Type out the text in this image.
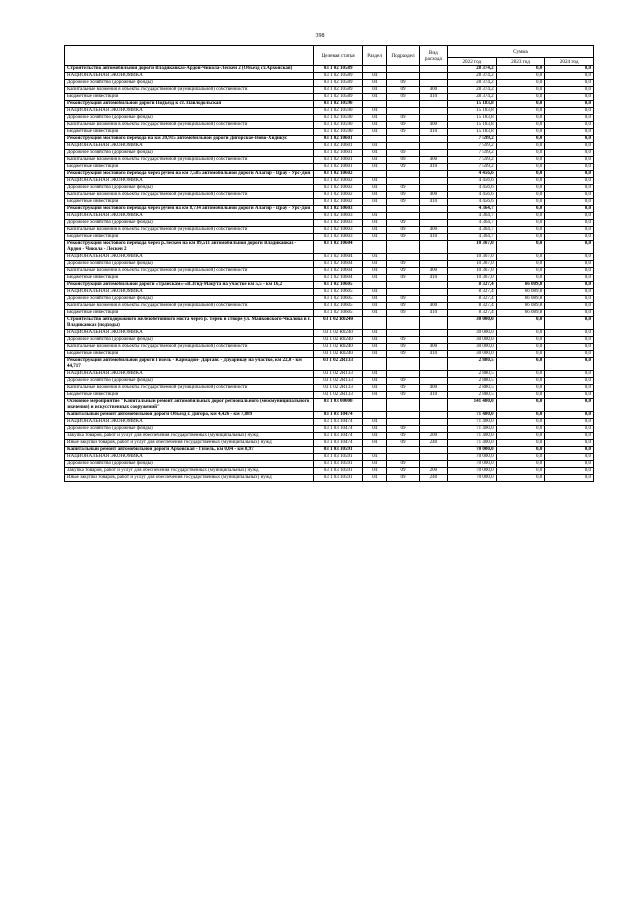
398
	Целевая статья	Раздел	Подраздел	Вид расхода	Сумма		
					2022 год	2023 год	2024 год
Строительство автомобильной дороги Владикавказ-Ардон-Чикола-Лескен 2 (Объезд ст.Архонская)	03 1 02 10589				28 374,2	0,0	0,0
НАЦИОНАЛЬНАЯ ЭКОНОМИКА	03 1 02 10589	04			28 374,2	0,0	0,0
Дорожное хозяйство (дорожные фонды)	03 1 02 10589	04	09		28 374,2	0,0	0,0
Капитальные вложения в объекты государственной (муниципальной) собственности	03 1 02 10589	04	09	400	28 374,2	0,0	0,0
Бюджетные инвестиции	03 1 02 10589	04	09	410	28 374,2	0,0	0,0
Реконструкция автомобильной дороги Подъезд к ст. Павлодольская	03 1 02 10590				15 183,8	0,0	0,0
НАЦИОНАЛЬНАЯ ЭКОНОМИКА	03 1 02 10590	04			15 183,8	0,0	0,0
Дорожное хозяйство (дорожные фонды)	03 1 02 10590	04	09		15 183,8	0,0	0,0
Капитальные вложения в объекты государственной (муниципальной) собственности	03 1 02 10590	04	09	400	15 183,8	0,0	0,0
Бюджетные инвестиции	03 1 02 10590	04	09	410	15 183,8	0,0	0,0
Реконструкция мостового перехода на км 20,915 автомобильной дороги Дигорское-Ново-Хидикус	03 1 02 10601				7 599,2	0,0	0,0
НАЦИОНАЛЬНАЯ ЭКОНОМИКА	03 1 02 10601	04			7 599,2	0,0	0,0
Дорожное хозяйство (дорожные фонды)	03 1 02 10601	04	09		7 599,2	0,0	0,0
Капитальные вложения в объекты государственной (муниципальной) собственности	03 1 02 10601	04	09	400	7 599,2	0,0	0,0
Бюджетные инвестиции	03 1 02 10601	04	09	410	7 599,2	0,0	0,0
Реконструкция мостового перехода через ручей на км 7,585 автомобильной дороги Алагир - Црау - Урс-Дон	03 1 02 10602				4 456,6	0,0	0,0
НАЦИОНАЛЬНАЯ ЭКОНОМИКА	03 1 02 10602	04			4 456,6	0,0	0,0
Дорожное хозяйство (дорожные фонды)	03 1 02 10602	04	09		4 456,6	0,0	0,0
Капитальные вложения в объекты государственной (муниципальной) собственности	03 1 02 10602	04	09	400	4 456,6	0,0	0,0
Бюджетные инвестиции	03 1 02 10602	04	09	410	4 456,6	0,0	0,0
Реконструкция мостового перехода через ручей на км 8,734 автомобильной дороги Алагир - Црау - Урс-Дон	03 1 02 10603				4 364,7	0,0	0,0
НАЦИОНАЛЬНАЯ ЭКОНОМИКА	03 1 02 10603	04			4 364,7	0,0	0,0
Дорожное хозяйство (дорожные фонды)	03 1 02 10603	04	09		4 364,7	0,0	0,0
Капитальные вложения в объекты государственной (муниципальной) собственности	03 1 02 10603	04	09	400	4 364,7	0,0	0,0
Бюджетные инвестиции	03 1 02 10603	04	09	410	4 364,7	0,0	0,0
Реконструкция мостового перехода через р.Лескен на км 89,511 автомобильной дороги Владикавказ - Ардон - Чикола - Лескен 2	03 1 02 10604				10 367,0	0,0	0,0
НАЦИОНАЛЬНАЯ ЭКОНОМИКА	03 1 02 10604	04			10 367,0	0,0	0,0
Дорожное хозяйство (дорожные фонды)	03 1 02 10604	04	09		10 367,0	0,0	0,0
Капитальные вложения в объекты государственной (муниципальной) собственности	03 1 02 10604	04	09	400	10 367,0	0,0	0,0
Бюджетные инвестиции	03 1 02 10604	04	09	410	10 367,0	0,0	0,0
Реконструкция автомобильной дороги «Транскам»-«В.Згид-Мацута на участке км 5,5 - км 16,2	03 1 02 10605				8 327,4	66 089,8	0,0
НАЦИОНАЛЬНАЯ ЭКОНОМИКА	03 1 02 10605	04			8 327,4	66 089,8	0,0
Дорожное хозяйство (дорожные фонды)	03 1 02 10605	04	09		8 327,4	66 089,8	0,0
Капитальные вложения в объекты государственной (муниципальной) собственности	03 1 02 10605	04	09	400	8 327,4	66 089,8	0,0
Бюджетные инвестиции	03 1 02 10605	04	09	410	8 327,4	66 089,8	0,0
Строительство автодорожного железобетонного моста через р. Терек в створе ул. Маяковского-Чкалова в г. Владикавказ (подходы)	03 1 02 R0240				30 000,0	0,0	0,0
НАЦИОНАЛЬНАЯ ЭКОНОМИКА	03 1 02 R0240	04			30 000,0	0,0	0,0
Дорожное хозяйство (дорожные фонды)	03 1 02 R0240	04	09		30 000,0	0,0	0,0
Капитальные вложения в объекты государственной (муниципальной) собственности	03 1 02 R0240	04	09	400	30 000,0	0,0	0,0
Бюджетные инвестиции	03 1 02 R0240	04	09	410	30 000,0	0,0	0,0
Реконструкция автомобильной дороги Гизель - Кармадон- Даргавс - Дзуарикау на участке, км 22,0 - км 44,717	03 1 02 2R133				2 880,5	0,0	0,0
НАЦИОНАЛЬНАЯ ЭКОНОМИКА	03 1 02 2R133	04			2 880,5	0,0	0,0
Дорожное хозяйство (дорожные фонды)	03 1 02 2R133	04	09		2 880,5	0,0	0,0
Капитальные вложения в объекты государственной (муниципальной) собственности	03 1 02 2R133	04	09	400	2 880,5	0,0	0,0
Бюджетные инвестиции	03 1 02 2R133	04	09	410	2 880,5	0,0	0,0
Основное мероприятие "Капитальный ремонт автомобильных дорог регионального (межмуниципального значения) и искусственных сооружений"	03 1 03 00000				141 400,0	0,0	0,0
Капитальный ремонт автомобильной дороги Объезд г. Дигора, км 4,426 - км 7,889	03 1 03 10474				71 400,0	0,0	0,0
НАЦИОНАЛЬНАЯ ЭКОНОМИКА	03 1 03 10474	04			71 400,0	0,0	0,0
Дорожное хозяйство (дорожные фонды)	03 1 03 10474	04	09		71 400,0	0,0	0,0
Закупка товаров, работ и услуг для обеспечения государственных (муниципальных) нужд	03 1 03 10474	04	09	200	71 400,0	0,0	0,0
Иные закупки товаров, работ и услуг для обеспечения государственных (муниципальных) нужд	03 1 03 10474	04	09	240	71 400,0	0,0	0,0
Капитальный ремонт автомобильной дороги Архонская - Гизель, км 0,04 - км 8,97	03 1 03 10591				70 000,0	0,0	0,0
НАЦИОНАЛЬНАЯ ЭКОНОМИКА	03 1 03 10591	04			70 000,0	0,0	0,0
Дорожное хозяйство (дорожные фонды)	03 1 03 10591	04	09		70 000,0	0,0	0,0
Закупка товаров, работ и услуг для обеспечения государственных (муниципальных) нужд	03 1 03 10591	04	09	200	70 000,0	0,0	0,0
Иные закупки товаров, работ и услуг для обеспечения государственных (муниципальных) нужд	03 1 03 10591	04	09	240	70 000,0	0,0	0,0
